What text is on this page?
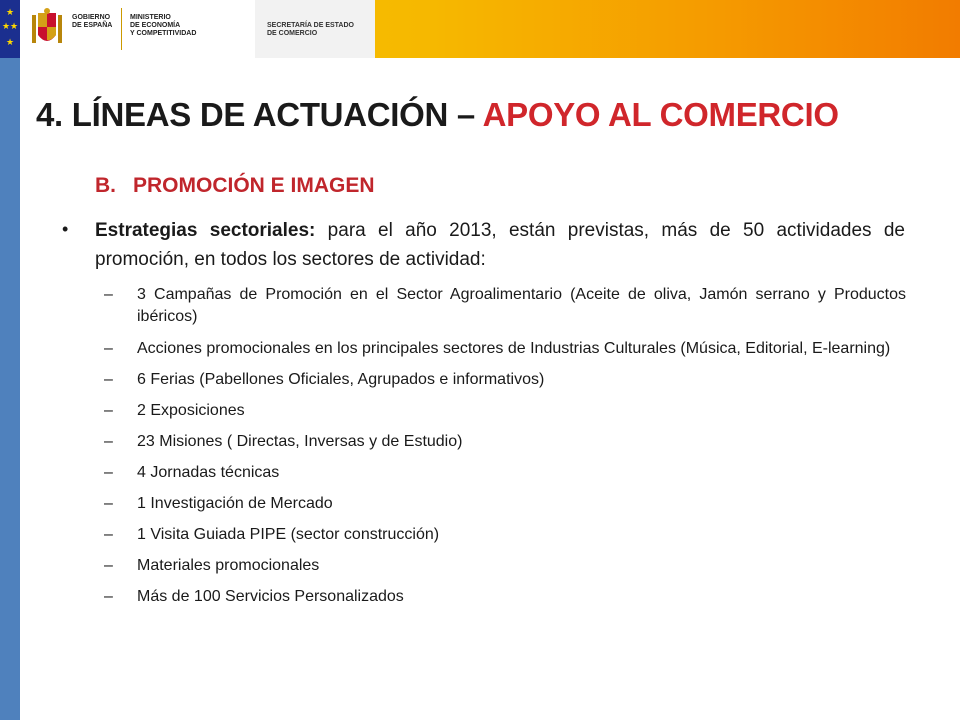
★
★ ★
★
GOBIERNO
DE ESPAÑA
MINISTERIO
DE ECONOMÍA
Y COMPETITIVIDAD
SECRETARÍA DE ESTADO
DE COMERCIO
4. LÍNEAS DE ACTUACIÓN – APOYO AL COMERCIO
B. PROMOCIÓN E IMAGEN
• Estrategias sectoriales: para el año 2013, están previstas, más de 50 actividades de promoción, en todos los sectores de actividad:
– 3 Campañas de Promoción en el Sector Agroalimentario (Aceite de oliva, Jamón serrano y Productos ibéricos)
– Acciones promocionales en los principales sectores de Industrias Culturales (Música, Editorial, E-learning)
– 6 Ferias (Pabellones Oficiales, Agrupados e informativos)
– 2 Exposiciones
– 23 Misiones ( Directas, Inversas y de Estudio)
– 4 Jornadas técnicas
– 1 Investigación de Mercado
– 1 Visita Guiada PIPE (sector construcción)
– Materiales promocionales
– Más de 100 Servicios Personalizados
